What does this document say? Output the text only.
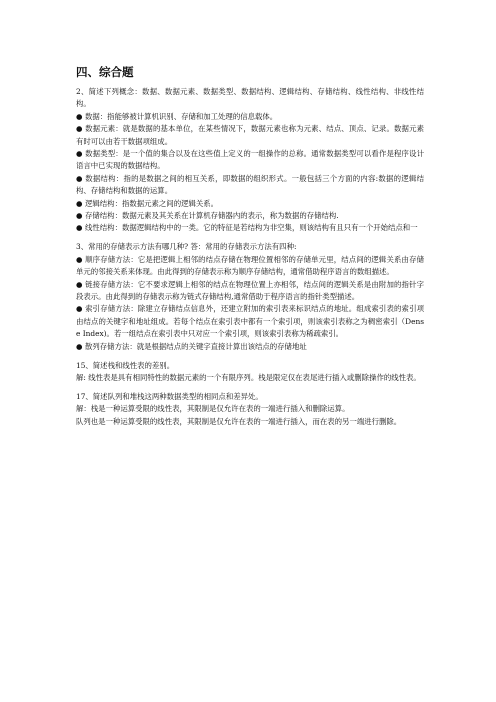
四、综合题

2、简述下列概念：数据、数据元素、数据类型、数据结构、逻辑结构、存储结构、线性结构、非线性结构。

● 数据：指能够被计算机识别、存储和加工处理的信息载体。

● 数据元素：就是数据的基本单位，在某些情况下，数据元素也称为元素、结点、顶点、记录。数据元素有时可以由若干数据项组成。

● 数据类型：是一个值的集合以及在这些值上定义的一组操作的总称。通常数据类型可以看作是程序设计语言中已实现的数据结构。

● 数据结构：指的是数据之间的相互关系，即数据的组织形式。一般包括三个方面的内容:数据的逻辑结构、存储结构和数据的运算。

● 逻辑结构：指数据元素之间的逻辑关系。

● 存储结构：数据元素及其关系在计算机存储器内的表示，称为数据的存储结构.

● 线性结构：数据逻辑结构中的一类。它的特征是若结构为非空集，则该结构有且只有一个开始结点和一

3、常用的存储表示方法有哪几种? 答：常用的存储表示方法有四种:

● 顺序存储方法：它是把逻辑上相邻的结点存储在物理位置相邻的存储单元里，结点间的逻辑关系由存储单元的邻接关系来体现。由此得到的存储表示称为顺序存储结构，通常借助程序语言的数组描述。

● 链接存储方法：它不要求逻辑上相邻的结点在物理位置上亦相邻，结点间的逻辑关系是由附加的指针字段表示。由此得到的存储表示称为链式存储结构,通常借助于程序语言的指针类型描述。

● 索引存储方法：除建立存储结点信息外，还建立附加的索引表来标识结点的地址。组成索引表的索引项由结点的关键字和地址组成。若每个结点在索引表中都有一个索引项，则该索引表称之为稠密索引（Dense Index)。若一组结点在索引表中只对应一个索引项，则该索引表称为稀疏索引。

● 散列存储方法：就是根据结点的关键字直接计算出该结点的存储地址

15、简述栈和线性表的差别。

解: 线性表是具有相同特性的数据元素的一个有限序列。栈是限定仅在表尾进行插入或删除操作的线性表。

17、简述队列和堆栈这两种数据类型的相同点和差异处。

解：栈是一种运算受限的线性表，其限制是仅允许在表的一端进行插入和删除运算。

队列也是一种运算受限的线性表，其限制是仅允许在表的一端进行插入，而在表的另一端进行删除。
